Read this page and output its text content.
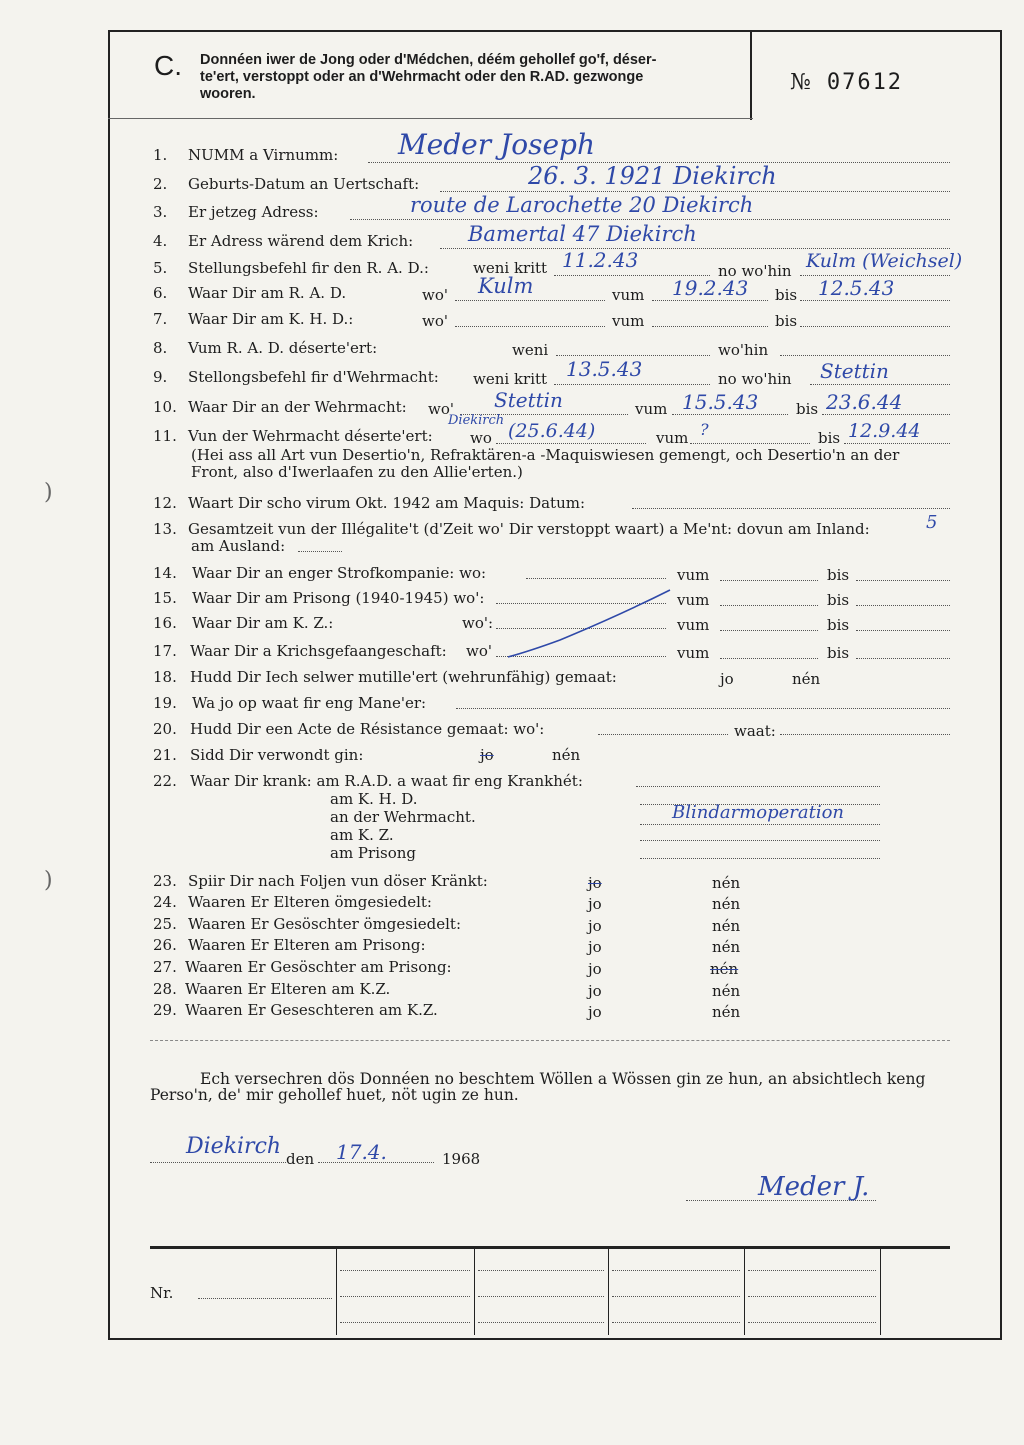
C. Donnéen iwer de Jong oder d'Médchen, déém gehollef go'f, déser-
te'ert, verstoppt oder an d'Wehrmacht oder den R.AD. gezwonge
wooren.	№ 07612
1. NUMM a Virnumm: Meder Joseph
2. Geburts-Datum an Uertschaft:	26. 3. 1921 Diekirch
3. Er jetzeg Adress:	route de Larochette 20 Diekirch
4. Er Adress wärend dem Krich:	Bamertal 47 Diekirch
5. Stellungsbefehl fir den R. A. D.:	weni kritt 11.2.43	no wo'hin Kulm (Weichsel)
6. Waar Dir am R. A. D.	wo' Kulm	vum 19.2.43 bis 12.5.43
7. Waar Dir am K. H. D.:	wo'	vum	bis
8. Vum R. A. D. déserte'ert:	weni	wo'hin
9. Stellongsbefehl fir d'Wehrmacht: weni kritt 13.5.43	no wo'hin Stettin
10. Waar Dir an der Wehrmacht: wo' Stettin	vum 15.5.43	bis 23.6.44
11. Vun der Wehrmacht déserte'ert: wo
Diekirch (25.6.44)	vum ?	bis 12.9.44
(Hei ass all Art vun Desertio'n, Refraktären-a -Maquiswiesen gemengt, och Desertio'n an der
Front, also d'Iwerlaafen zu den Allie'erten.)
12. Waart Dir scho virum Okt. 1942 am Maquis: Datum:
13. Gesamtzeit vun der Illégalite't (d'Zeit wo' Dir verstoppt waart) a Me'nt: dovun am Inland:	5
am Ausland:
14. Waar Dir an enger Strofkompanie: wo:	vum	bis
15. Waar Dir am Prisong (1940-1945) wo':	vum	bis
16. Waar Dir am K. Z.:	wo':	vum	bis
17. Waar Dir a Krichsgefaangeschaft: wo'	vum	bis
18. Hudd Dir Iech selwer mutille'ert (wehrunfähig) gemaat:	jo	nén
19. Wa jo op waat fir eng Mane'er:
20. Hudd Dir een Acte de Résistance gemaat: wo':	waat:
21. Sidd Dir verwondt gin:	jo	nén
22. Waar Dir krank: am R.A.D. a waat fir eng Krankhét:
am K. H. D.
an der Wehrmacht.	Blindarmoperation
am K. Z.
am Prisong
23. Spiir Dir nach Foljen vun döser Kränkt:	jo	nén
24. Waaren Er Elteren ömgesiedelt:	jo	nén
25. Waaren Er Gesöschter ömgesiedelt:	jo	nén
26. Waaren Er Elteren am Prisong:	jo	nén
27. Waaren Er Gesöschter am Prisong:	jo	nén
28. Waaren Er Elteren am K.Z.	jo	nén
29. Waaren Er Geseschteren am K.Z.	jo	nén
Ech versechren dös Donnéen no beschtem Wöllen a Wössen gin ze hun, an absichtlech keng
Perso'n, de' mir gehollef huet, nöt ugin ze hun.
Diekirch den 17.4.	1968
Meder J.
Nr.
)
)
